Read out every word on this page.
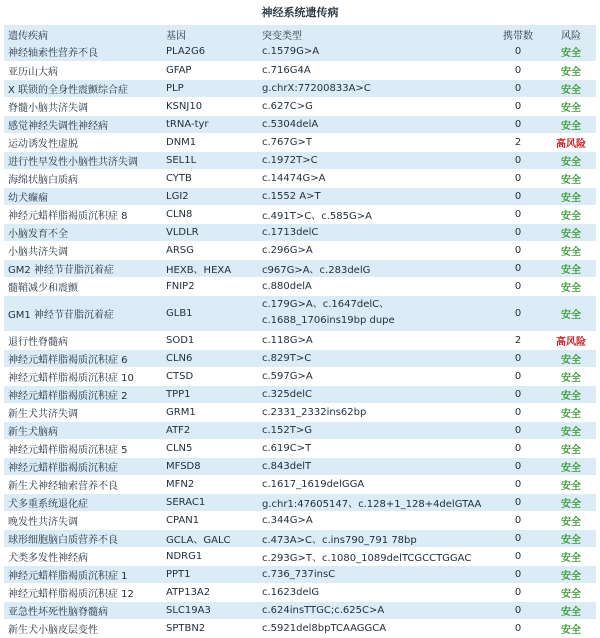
神经系统遗传病
遗传疾病	基因	突变类型	携带数	风险
神经轴索性营养不良	PLA2G6	c.1579G>A	0	安全
亚历山大病	GFAP	c.716G4A	0	安全
X 联锁的全身性震颤综合症	PLP	g.chrX:77200833A>C	0	安全
脊髓小脑共济失调	KSNJ10	c.627C>G	0	安全
感觉神经失调性神经病	tRNA-tyr	c.5304delA	0	安全
运动诱发性虚脱	DNM1	c.767G>T	2	高风险
进行性早发性小脑性共济失调	SEL1L	c.1972T>C	0	安全
海绵状脑白质病	CYTB	c.14474G>A	0	安全
幼犬癫痫	LGI2	c.1552 A>T	0	安全
神经元蜡样脂褐质沉积症 8	CLN8	c.491T>C、c.585G>A	0	安全
小脑发育不全	VLDLR	c.1713delC	0	安全
小脑共济失调	ARSG	c.296G>A	0	安全
GM2 神经节苷脂沉着症	HEXB、HEXA	c967G>A、c.283delG	0	安全
髓鞘减少和震颤	FNIP2	c.880delA	0	安全
GM1 神经节苷脂沉着症	GLB1	c.179G>A、c.1647delC、c.1688_1706ins19bp dupe	0	安全
退行性脊髓病	SOD1	c.118G>A	2	高风险
神经元蜡样脂褐质沉积症 6	CLN6	c.829T>C	0	安全
神经元蜡样脂褐质沉积症 10	CTSD	c.597G>A	0	安全
神经元蜡样脂褐质沉积症 2	TPP1	c.325delC	0	安全
新生犬共济失调	GRM1	c.2331_2332ins62bp	0	安全
新生犬脑病	ATF2	c.152T>G	0	安全
神经元蜡样脂褐质沉积症 5	CLN5	c.619C>T	0	安全
神经元蜡样脂褐质沉积症	MFSD8	c.843delT	0	安全
新生犬神经轴索营养不良	MFN2	c.1617_1619delGGA	0	安全
犬多重系统退化症	SERAC1	g.chr1:47605147、c.128+1_128+4delGTAA	0	安全
晚发性共济失调	CPAN1	c.344G>A	0	安全
球形细胞脑白质营养不良	GCLA、GALC	c.473A>C、c.ins790_791 78bp	0	安全
犬类多发性神经病	NDRG1	c.293G>T、c.1080_1089delTCGCCTGGAC	0	安全
神经元蜡样脂褐质沉积症 1	PPT1	c.736_737insC	0	安全
神经元蜡样脂褐质沉积症 12	ATP13A2	c.1623delG	0	安全
亚急性坏死性脑脊髓病	SLC19A3	c.624insTTGC;c.625C>A	0	安全
新生犬小脑皮层变性	SPTBN2	c.5921del8bpTCAAGGCA	0	安全
